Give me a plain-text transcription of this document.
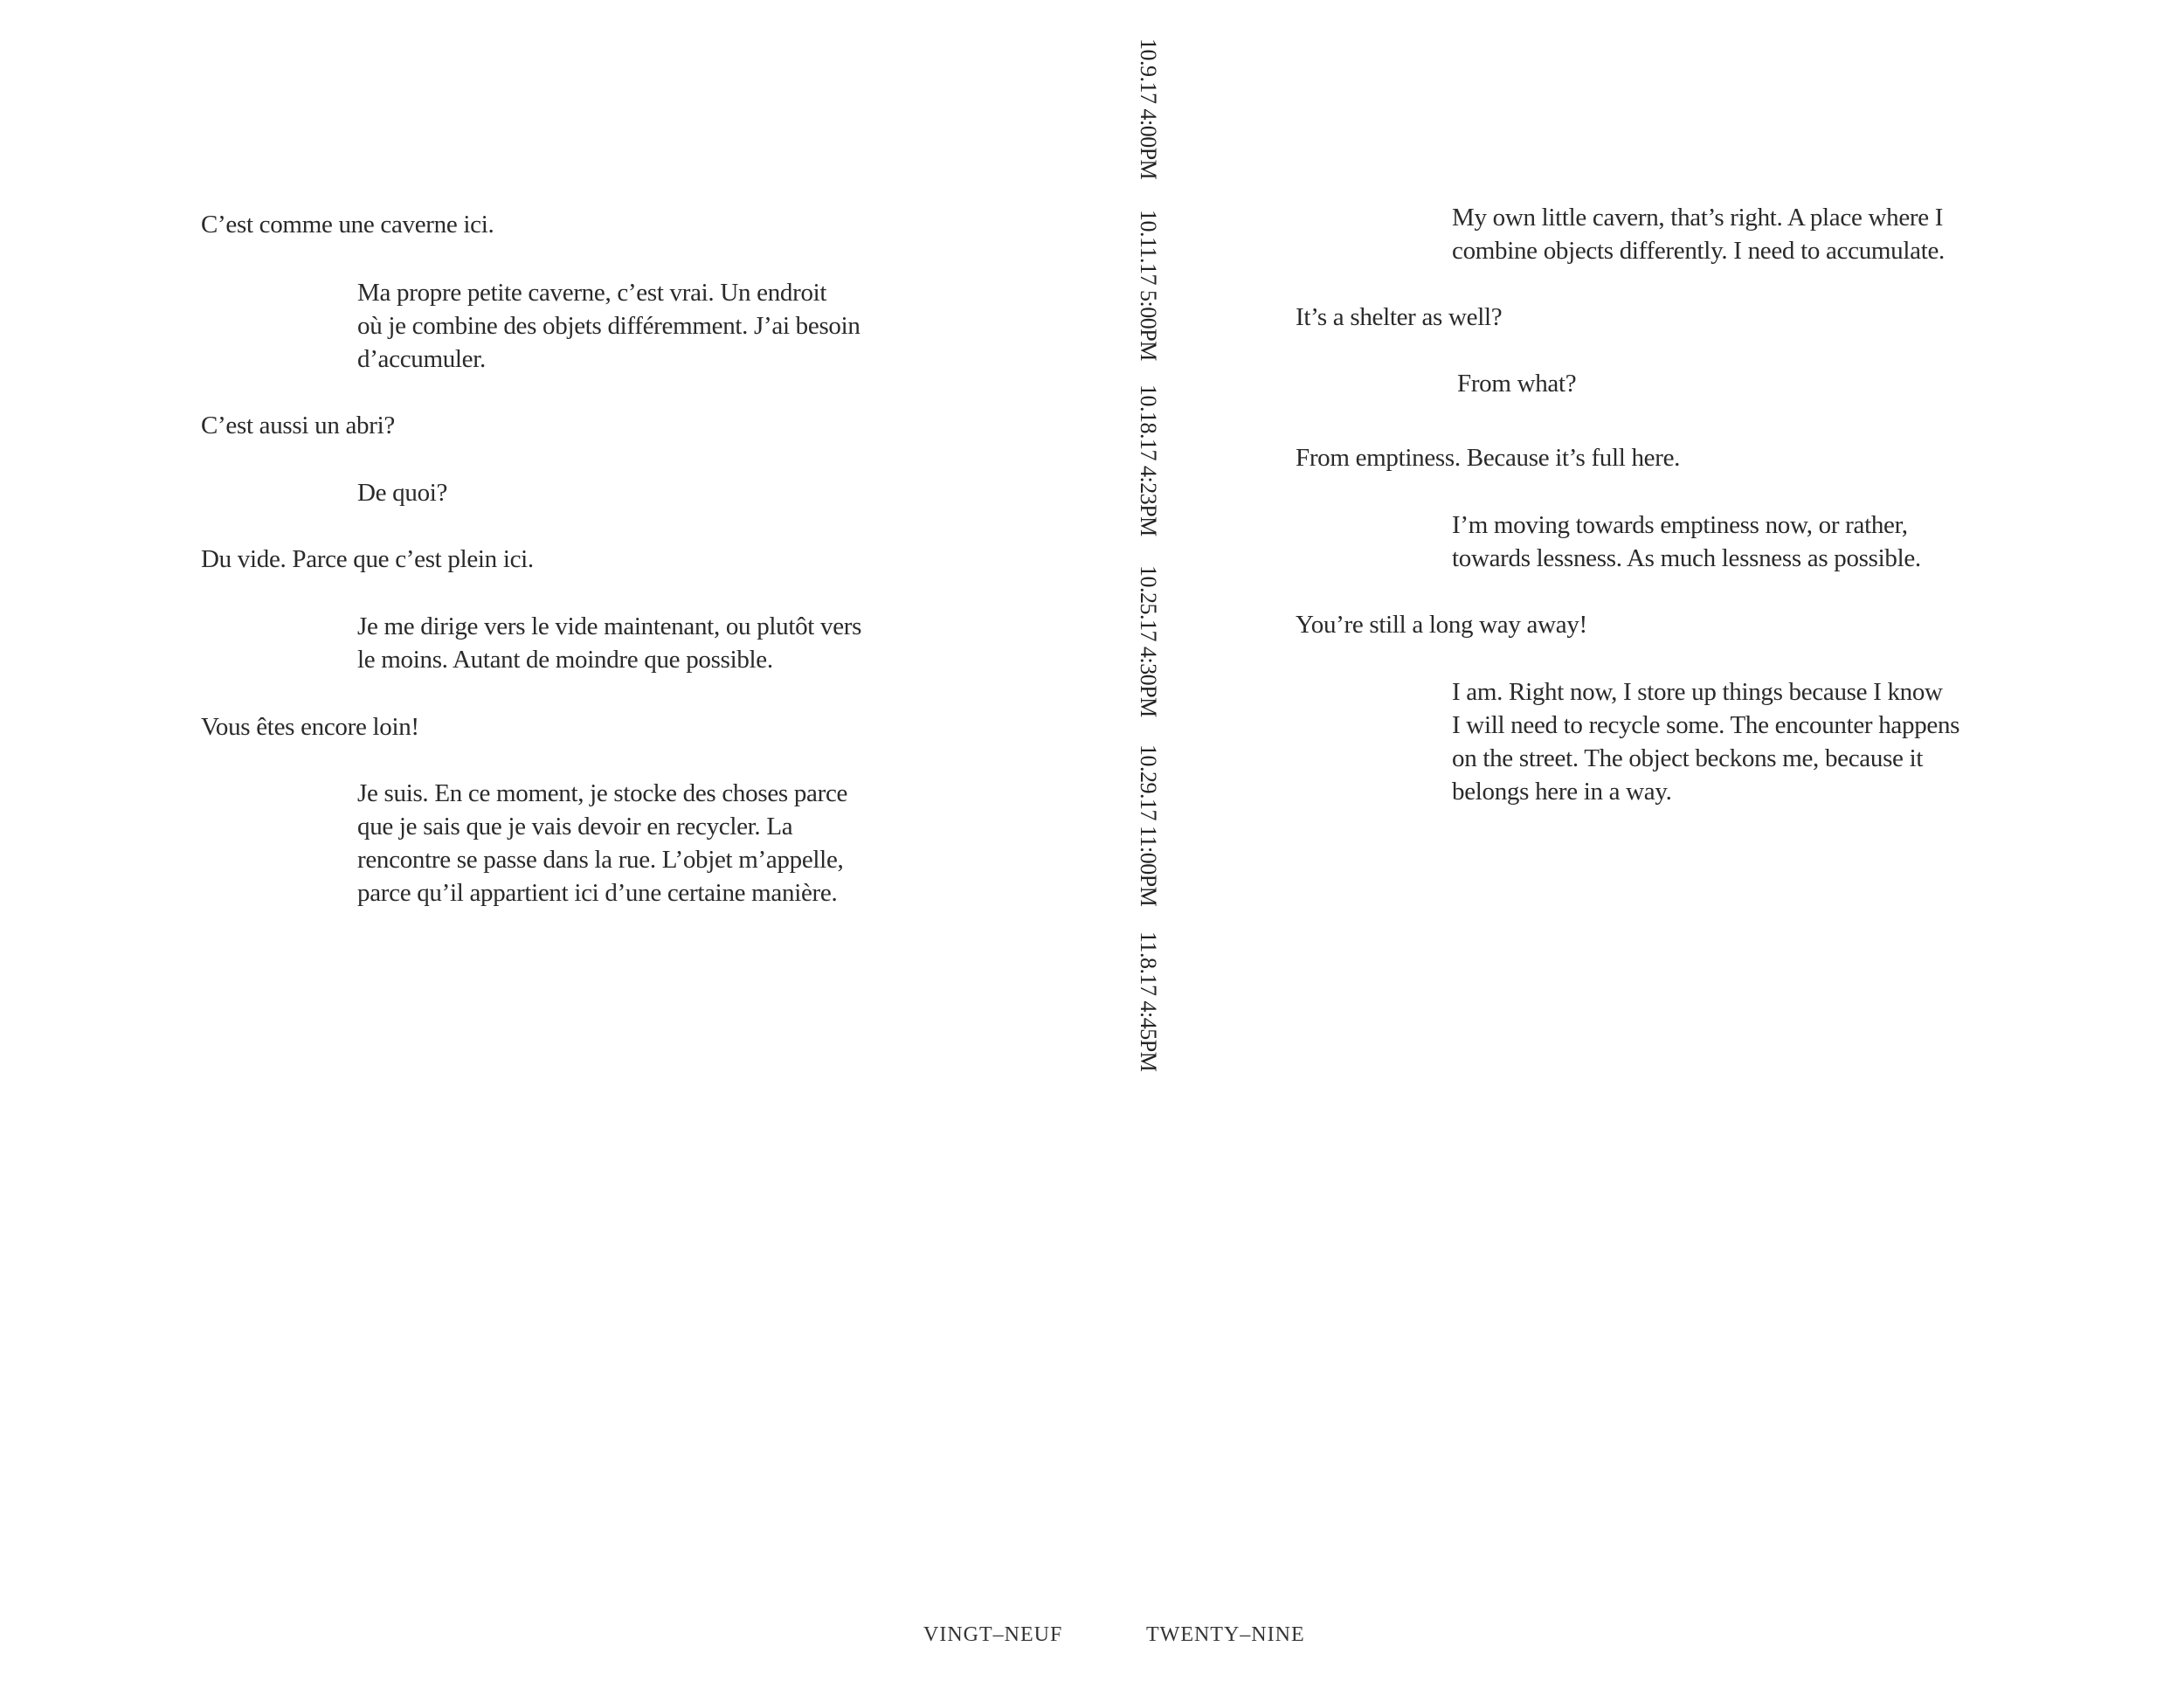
C’est comme une caverne ici.
Ma propre petite caverne, c’est vrai. Un endroit
où je combine des objets différemment. J’ai besoin
d’accumuler.
C’est aussi un abri?
De quoi?
Du vide. Parce que c’est plein ici.
Je me dirige vers le vide maintenant, ou plutôt vers
le moins. Autant de moindre que possible.
Vous êtes encore loin!
Je suis. En ce moment, je stocke des choses parce
que je sais que je vais devoir en recycler. La
rencontre se passe dans la rue. L’objet m’appelle,
parce qu’il appartient ici d’une certaine manière.
VINGT–NEUF
10.9.17 4:00PM
10.11.17 5:00PM
10.18.17 4:23PM
10.25.17 4:30PM
10.29.17 11:00PM
11.8.17 4:45PM
My own little cavern, that’s right. A place where I
combine objects differently. I need to accumulate.
It’s a shelter as well?
From what?
From emptiness. Because it’s full here.
I’m moving towards emptiness now, or rather,
towards lessness. As much lessness as possible.
You’re still a long way away!
I am. Right now, I store up things because I know
I will need to recycle some. The encounter happens
on the street. The object beckons me, because it
belongs here in a way.
TWENTY–NINE
